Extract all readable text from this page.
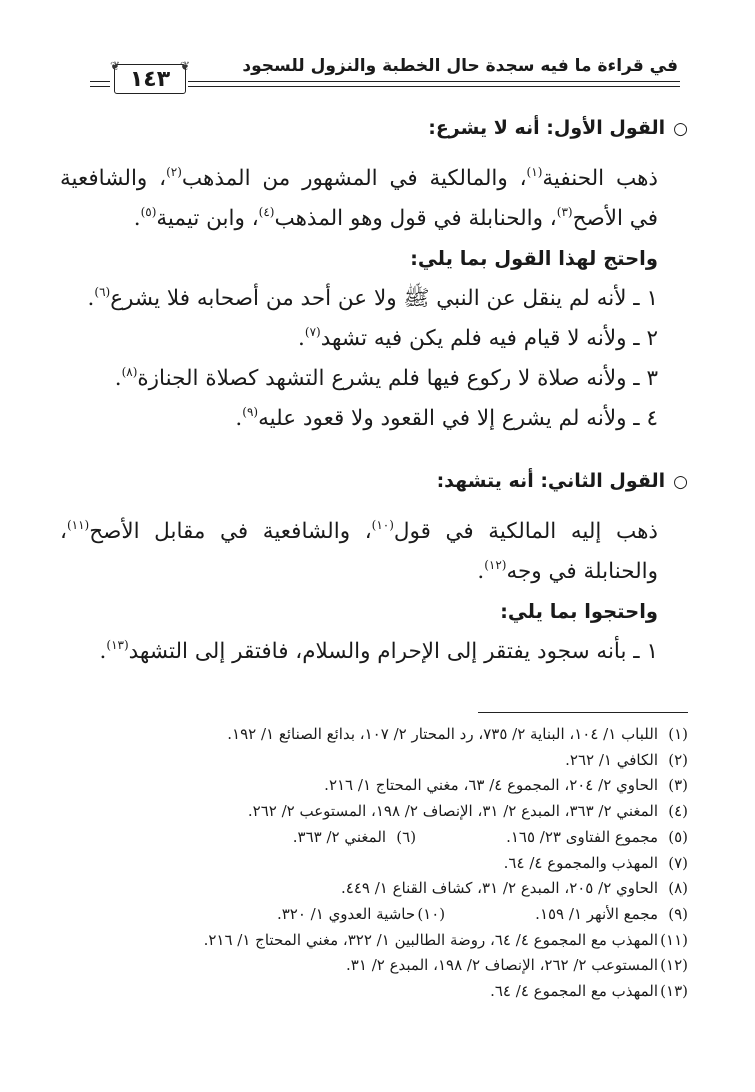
في قراءة ما فيه سجدة حال الخطبة والنزول للسجود
❦	❦
١٤٣

○القول الأول: أنه لا يشرع:

ذهب الحنفية$^{(١)}$، والمالكية في المشهور من المذهب$^{(٢)}$، والشافعية في الأصح$^{(٣)}$، والحنابلة في قول وهو المذهب$^{(٤)}$، وابن تيمية$^{(٥)}$.

واحتج لهذا القول بما يلي:

١ ـ لأنه لم ينقل عن النبي ﷺ ولا عن أحد من أصحابه فلا يشرع$^{(٦)}$.

٢ ـ ولأنه لا قيام فيه فلم يكن فيه تشهد$^{(٧)}$.

٣ ـ ولأنه صلاة لا ركوع فيها فلم يشرع التشهد كصلاة الجنازة$^{(٨)}$.

٤ ـ ولأنه لم يشرع إلا في القعود ولا قعود عليه$^{(٩)}$.

○القول الثاني: أنه يتشهد:

ذهب إليه المالكية في قول$^{(١٠)}$، والشافعية في مقابل الأصح$^{(١١)}$، والحنابلة في وجه$^{(١٢)}$.

واحتجوا بما يلي:

١ ـ بأنه سجود يفتقر إلى الإحرام والسلام، فافتقر إلى التشهد$^{(١٣)}$.

(١)اللباب ١/ ١٠٤، البناية ٢/ ٧٣٥، رد المحتار ٢/ ١٠٧، بدائع الصنائع ١/ ١٩٢.

(٢)الكافي ١/ ٢٦٢.

(٣)الحاوي ٢/ ٢٠٤، المجموع ٤/ ٦٣، مغني المحتاج ١/ ٢١٦.

(٤)المغني ٢/ ٣٦٣، المبدع ٢/ ٣١، الإنصاف ٢/ ١٩٨، المستوعب ٢/ ٢٦٢.

(٥)مجموع الفتاوى ٢٣/ ١٦٥.(٦)المغني ٢/ ٣٦٣.

(٧)المهذب والمجموع ٤/ ٦٤.

(٨)الحاوي ٢/ ٢٠٥، المبدع ٢/ ٣١، كشاف القناع ١/ ٤٤٩.

(٩)مجمع الأنهر ١/ ١٥٩.(١٠)حاشية العدوي ١/ ٣٢٠.

(١١)المهذب مع المجموع ٤/ ٦٤، روضة الطالبين ١/ ٣٢٢، مغني المحتاج ١/ ٢١٦.

(١٢)المستوعب ٢/ ٢٦٢، الإنصاف ٢/ ١٩٨، المبدع ٢/ ٣١.

(١٣)المهذب مع المجموع ٤/ ٦٤.
